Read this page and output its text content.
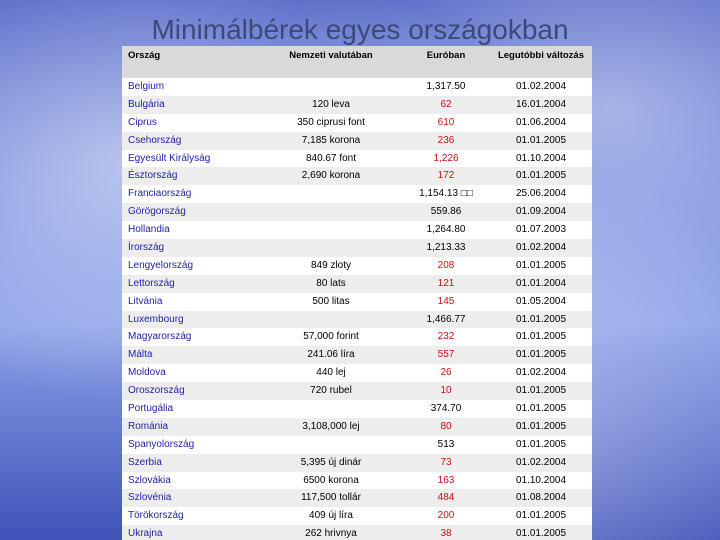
Minimálbérek egyes országokban
Ország	Nemzeti valutában	Euróban	Legutóbbi változás
Belgium		1,317.50	01.02.2004
Bulgária	120 leva	62	16.01.2004
Ciprus	350 ciprusi font	610	01.06.2004
Csehország	7,185 korona	236	01.01.2005
Egyesült Királyság	840.67 font	1,226	01.10.2004
Észtország	2,690 korona	172	01.01.2005
Franciaország		1,154.13 □□	25.06.2004
Görögország		559.86	01.09.2004
Hollandia		1,264.80	01.07.2003
Írország		1,213.33	01.02.2004
Lengyelország	849 zloty	208	01.01.2005
Lettország	80 lats	121	01.01.2004
Litvánia	500 litas	145	01.05.2004
Luxembourg		1,466.77	01.01.2005
Magyarország	57,000 forint	232	01.01.2005
Málta	241.06 líra	557	01.01.2005
Moldova	440 lej	26	01.02.2004
Oroszország	720 rubel	10	01.01.2005
Portugália		374.70	01.01.2005
Románia	3,108,000 lej	80	01.01.2005
Spanyolország		513	01.01.2005
Szerbia	5,395 új dinár	73	01.02.2004
Szlovákia	6500 korona	163	01.10.2004
Szlovénia	117,500 tollár	484	01.08.2004
Törökország	409 új líra	200	01.01.2005
Ukrajna	262 hrivnya	38	01.01.2005
